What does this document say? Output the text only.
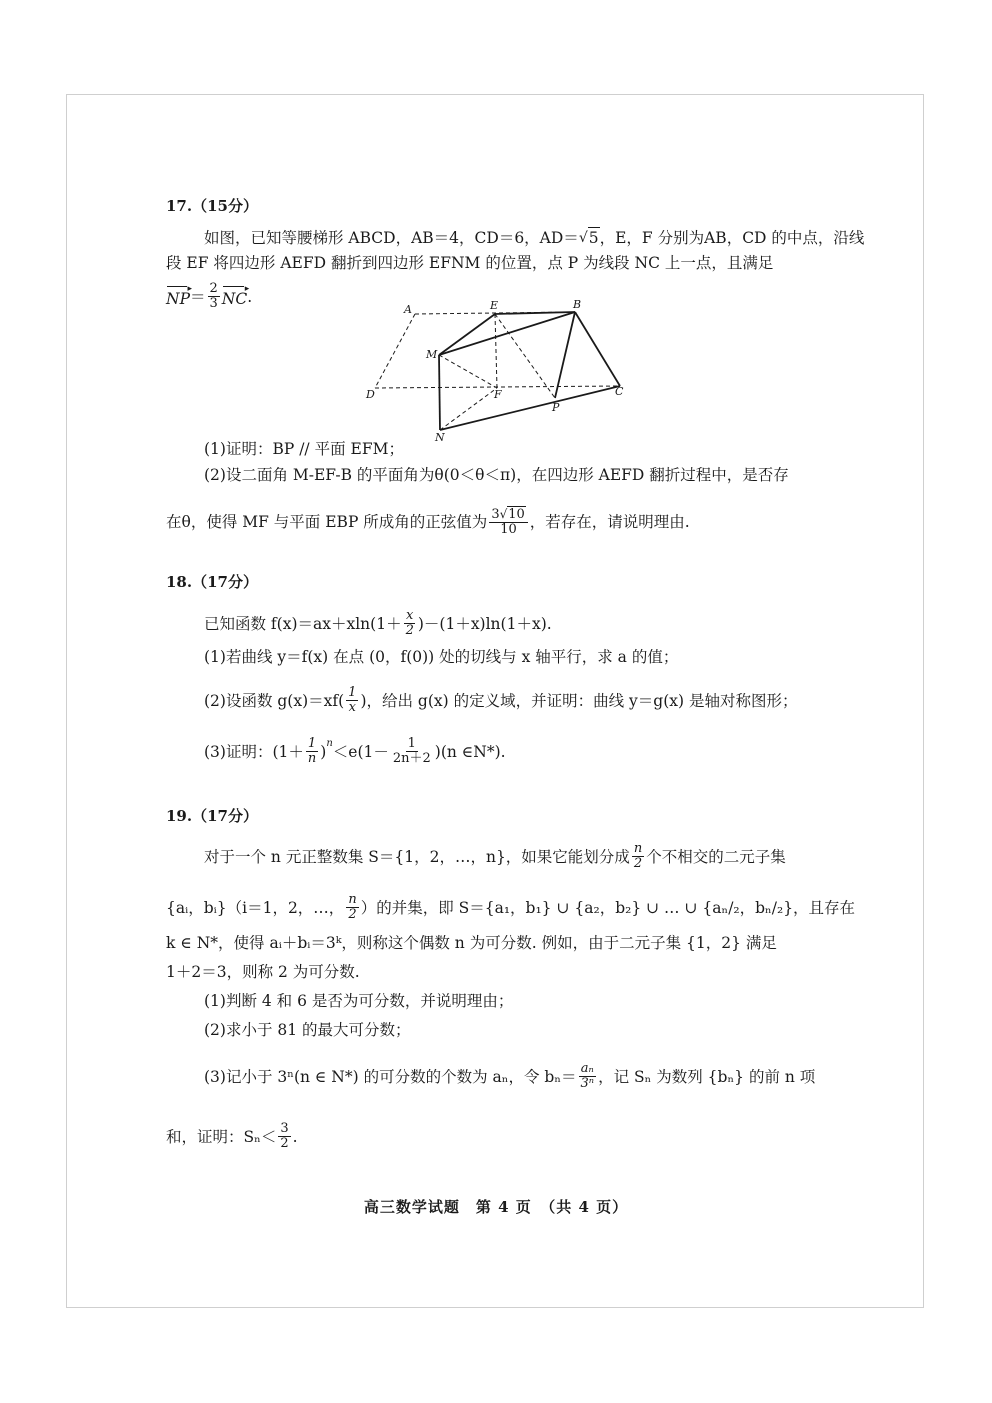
17.（15分）
如图，已知等腰梯形 ABCD，AB＝4，CD＝6，AD＝ √ 5 ，E，F 分别为AB，CD 的中点，沿线
段 EF 将四边形 AEFD 翻折到四边形 EFNM 的位置，点 P 为线段 NC 上一点，且满足
NP ▸ ＝ $\frac{2}{3}$ NC ▸ .
A	E	B
M
D	F
P
C
N
(1)证明：BP // 平面 EFM；
(2)设二面角 M-EF-B 的平面角为θ(0＜θ＜π)，在四边形 AEFD 翻折过程中，是否存
在θ，使得 MF 与平面 EBP 所成角的正弦值为 $\frac{3√10}{10}$ ，若存在，请说明理由.
18.（17分）
已知函数 $f(x)=ax+xln(1+ \frac{x}{2} )-(1+x)\ln(1+x)$.
(1)若曲线 y＝f(x) 在点 (0，f(0)) 处的切线与 x 轴平行，求 a 的值；
(2)设函数 $g(x)=xf( \frac{1}{x}$ )，给出 g(x) 的定义域，并证明：曲线 y＝g(x) 是轴对称图形；
(3)证明：$(1+ \frac{1}{n} )^n <e(1- \frac{1}{2n+2} )(n$ ∈N*).
19.（17分）
对于一个 n 元正整数集 S＝{1，2，…，n}，如果它能划分成 $\frac{n}{2}$ 个不相交的二元子集
{aᵢ，bᵢ}（i＝1，2，…， $\frac{n}{2}$ ）的并集，即 S＝{a₁，b₁} ∪ {a₂，b₂} ∪ … ∪ {aₙ/₂，bₙ/₂}，且存在
k ∈ N*，使得 aᵢ＋bᵢ＝3ᵏ，则称这个偶数 n 为可分数. 例如，由于二元子集 {1，2} 满足
1＋2＝3，则称 2 为可分数.
(1)判断 4 和 6 是否为可分数，并说明理由；
(2)求小于 81 的最大可分数；
(3)记小于 3ⁿ(n ∈ N*) 的可分数的个数为 aₙ，令 $b_n= \frac{\text{aₙ}}{\text{3ⁿ}}$ ，记 Sₙ 为数列 {bₙ} 的前 n 项
和，证明：$S_n< \frac{3}{2}$ .
高三数学试题　第 4 页　（共 4 页）
